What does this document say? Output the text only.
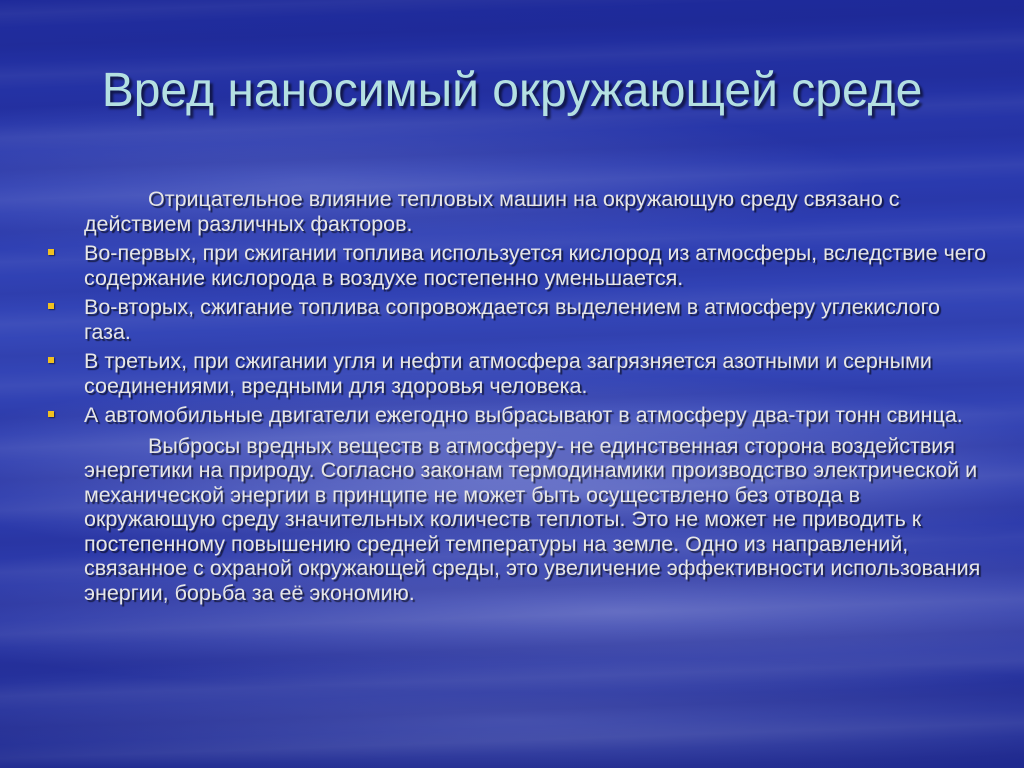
Вред наносимый окружающей среде

Отрицательное влияние тепловых машин на окружающую среду связано с действием различных факторов.

Во-первых, при сжигании топлива используется кислород из атмосферы, вследствие чего содержание кислорода в воздухе постепенно уменьшается.
Во-вторых, сжигание топлива сопровождается выделением в атмосферу углекислого газа.
В третьих, при сжигании угля и нефти атмосфера загрязняется азотными и серными соединениями, вредными для здоровья человека.
А автомобильные двигатели ежегодно выбрасывают в атмосферу два-три тонн свинца.

Выбросы вредных веществ в атмосферу- не единственная сторона воздействия энергетики на природу. Согласно законам термодинамики производство электрической и механической энергии в принципе не может быть осуществлено без отвода в окружающую среду значительных количеств теплоты. Это не может не приводить к постепенному повышению средней температуры на земле. Одно из направлений, связанное с охраной окружающей среды, это увеличение эффективности использования энергии, борьба за её экономию.
